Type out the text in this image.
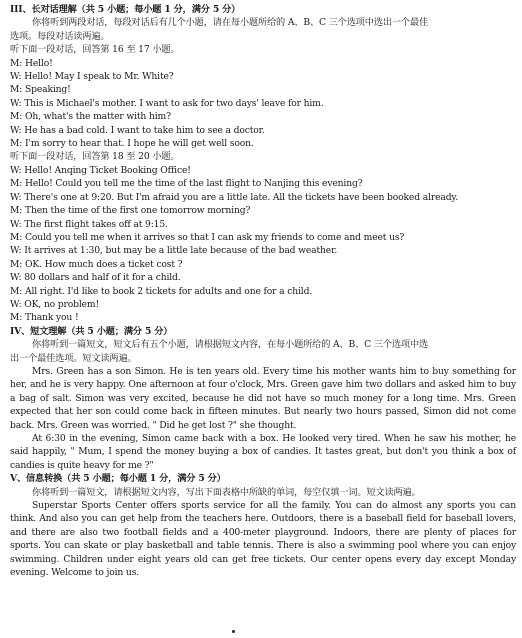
III、长对话理解（共 5 小题；每小题 1 分，满分 5 分）
你将听到两段对话，每段对话后有几个小题，请在每小题所给的 A、B、C 三个选项中选出一个最佳
选项。每段对话读两遍。
听下面一段对话，回答第 16 至 17 小题。
M: Hello!
W: Hello! May I speak to Mr. White?
M: Speaking!
W: This is Michael's mother. I want to ask for two days' leave for him.
M: Oh, what's the matter with him?
W: He has a bad cold. I want to take him to see a doctor.
M: I'm sorry to hear that. I hope he will get well soon.
听下面一段对话，回答第 18 至 20 小题。
W: Hello! Anqing Ticket Booking Office!
M: Hello! Could you tell me the time of the last flight to Nanjing this evening?
W: There's one at 9:20. But I'm afraid you are a little late. All the tickets have been booked already.
M: Then the time of the first one tomorrow morning?
W: The first flight takes off at 9:15.
M: Could you tell me when it arrives so that I can ask my friends to come and meet us?
W: It arrives at 1:30, but may be a little late because of the bad weather.
M: OK. How much does a ticket cost ?
W: 80 dollars and half of it for a child.
M: All right. I'd like to book 2 tickets for adults and one for a child.
W: OK, no problem!
M: Thank you !
IV、短文理解（共 5 小题；满分 5 分）
你将听到一篇短文，短文后有五个小题，请根据短文内容，在每小题所给的 A、B、C 三个选项中选
出一个最佳选项。短文读两遍。

Mrs. Green has a son Simon. He is ten years old. Every time his mother wants him to buy something for her, and he is very happy. One afternoon at four o'clock, Mrs. Green gave him two dollars and asked him to buy a bag of salt. Simon was very excited, because he did not have so much money for a long time. Mrs. Green expected that her son could come back in fifteen minutes. But nearly two hours passed, Simon did not come back. Mrs. Green was worried. " Did he get lost ?" she thought.

At 6:30 in the evening, Simon came back with a box. He looked very tired. When he saw his mother, he said happily, " Mum, I spend the money buying a box of candies. It tastes great, but don't you think a box of candies is quite heavy for me ?"

V、信息转换（共 5 小题；每小题 1 分，满分 5 分）
你将听到一篇短文，请根据短文内容，写出下面表格中所缺的单词，每空仅填一词。短文读两遍。

Superstar Sports Center offers sports service for all the family. You can do almost any sports you can think. And also you can get help from the teachers here. Outdoors, there is a baseball field for baseball lovers, and there are also two football fields and a 400-meter playground. Indoors, there are plenty of places for sports. You can skate or play basketball and table tennis. There is also a swimming pool where you can enjoy swimming. Children under eight years old can get free tickets. Our center opens every day except Monday evening. Welcome to join us.
